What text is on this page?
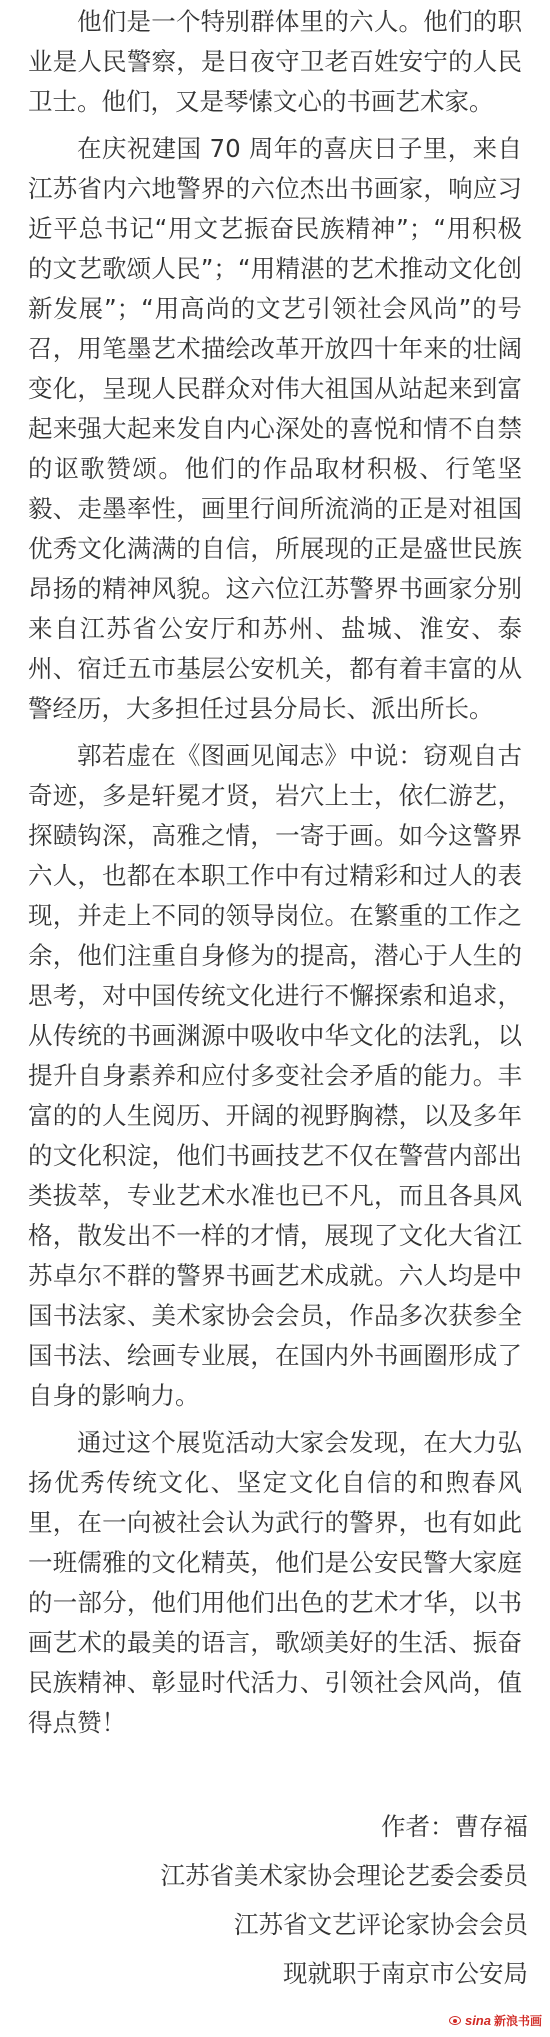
他们是一个特别群体里的六人。他们的职业是人民警察，是日夜守卫老百姓安宁的人民卫士。他们，又是琴愫文心的书画艺术家。

在庆祝建国 70 周年的喜庆日子里，来自江苏省内六地警界的六位杰出书画家，响应习近平总书记“用文艺振奋民族精神”；“用积极的文艺歌颂人民”；“用精湛的艺术推动文化创新发展”；“用高尚的文艺引领社会风尚”的号召，用笔墨艺术描绘改革开放四十年来的壮阔变化，呈现人民群众对伟大祖国从站起来到富起来强大起来发自内心深处的喜悦和情不自禁的讴歌赞颂。他们的作品取材积极、行笔坚毅、走墨率性，画里行间所流淌的正是对祖国优秀文化满满的自信，所展现的正是盛世民族昂扬的精神风貌。这六位江苏警界书画家分别来自江苏省公安厅和苏州、盐城、淮安、泰州、宿迁五市基层公安机关，都有着丰富的从警经历，大多担任过县分局长、派出所长。

郭若虚在《图画见闻志》中说：窃观自古奇迹，多是轩冕才贤，岩穴上士，依仁游艺，探赜钩深，高雅之情，一寄于画。如今这警界六人，也都在本职工作中有过精彩和过人的表现，并走上不同的领导岗位。在繁重的工作之余，他们注重自身修为的提高，潜心于人生的思考，对中国传统文化进行不懈探索和追求，从传统的书画渊源中吸收中华文化的法乳，以提升自身素养和应付多变社会矛盾的能力。丰富的的人生阅历、开阔的视野胸襟，以及多年的文化积淀，他们书画技艺不仅在警营内部出类拔萃，专业艺术水准也已不凡，而且各具风格，散发出不一样的才情，展现了文化大省江苏卓尔不群的警界书画艺术成就。六人均是中国书法家、美术家协会会员，作品多次获参全国书法、绘画专业展，在国内外书画圈形成了自身的影响力。

通过这个展览活动大家会发现，在大力弘扬优秀传统文化、坚定文化自信的和煦春风里，在一向被社会认为武行的警界，也有如此一班儒雅的文化精英，他们是公安民警大家庭的一部分，他们用他们出色的艺术才华，以书画艺术的最美的语言，歌颂美好的生活、振奋民族精神、彰显时代活力、引领社会风尚，值得点赞！

作者：曹存福
江苏省美术家协会理论艺委会委员
江苏省文艺评论家协会会员
现就职于南京市公安局
sina 新浪书画
